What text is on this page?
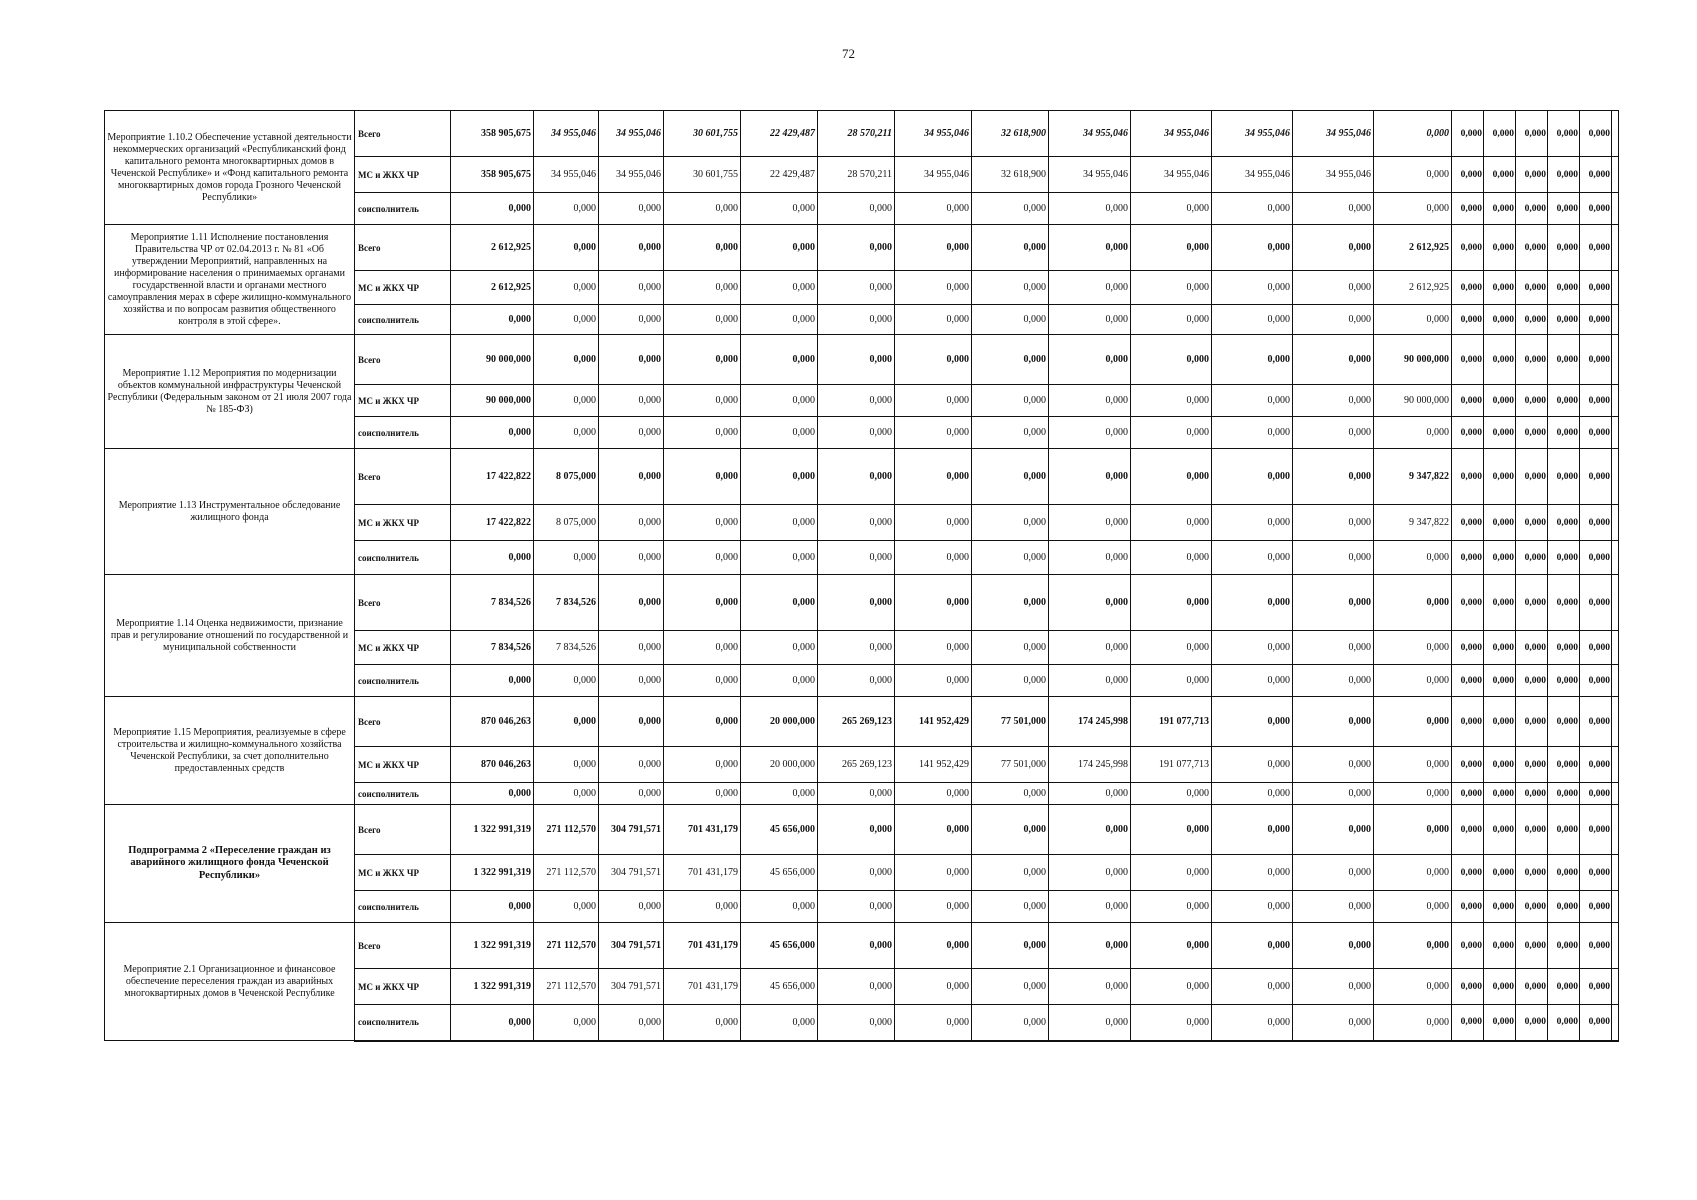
72
Мероприятие 1.10.2 Обеспечение уставной деятельности некоммерческих организаций «Республиканский фонд капитального ремонта многоквартирных домов в Чеченской Республике» и «Фонд капитального ремонта многоквартирных домов города Грозного Чеченской Республики»	Всего	358 905,675	34 955,046	34 955,046	30 601,755	22 429,487	28 570,211	34 955,046	32 618,900	34 955,046	34 955,046	34 955,046	34 955,046	0,000	0,000	0,000	0,000	0,000	0,000	
	МС и ЖКХ ЧР	358 905,675	34 955,046	34 955,046	30 601,755	22 429,487	28 570,211	34 955,046	32 618,900	34 955,046	34 955,046	34 955,046	34 955,046	0,000	0,000	0,000	0,000	0,000	0,000	
	соисполнитель	0,000	0,000	0,000	0,000	0,000	0,000	0,000	0,000	0,000	0,000	0,000	0,000	0,000	0,000	0,000	0,000	0,000	0,000	
Мероприятие 1.11 Исполнение постановления Правительства ЧР от 02.04.2013 г. № 81 «Об утверждении Мероприятий, направленных на информирование населения о принимаемых органами государственной власти и органами местного самоуправления мерах в сфере жилищно-коммунального хозяйства и по вопросам развития общественного контроля в этой сфере».	Всего	2 612,925	0,000	0,000	0,000	0,000	0,000	0,000	0,000	0,000	0,000	0,000	0,000	2 612,925	0,000	0,000	0,000	0,000	0,000	
	МС и ЖКХ ЧР	2 612,925	0,000	0,000	0,000	0,000	0,000	0,000	0,000	0,000	0,000	0,000	0,000	2 612,925	0,000	0,000	0,000	0,000	0,000	
	соисполнитель	0,000	0,000	0,000	0,000	0,000	0,000	0,000	0,000	0,000	0,000	0,000	0,000	0,000	0,000	0,000	0,000	0,000	0,000	
Мероприятие 1.12 Мероприятия по модернизации объектов коммунальной инфраструктуры Чеченской Республики (Федеральным законом от 21 июля 2007 года № 185-ФЗ)	Всего	90 000,000	0,000	0,000	0,000	0,000	0,000	0,000	0,000	0,000	0,000	0,000	0,000	90 000,000	0,000	0,000	0,000	0,000	0,000	
	МС и ЖКХ ЧР	90 000,000	0,000	0,000	0,000	0,000	0,000	0,000	0,000	0,000	0,000	0,000	0,000	90 000,000	0,000	0,000	0,000	0,000	0,000	
	соисполнитель	0,000	0,000	0,000	0,000	0,000	0,000	0,000	0,000	0,000	0,000	0,000	0,000	0,000	0,000	0,000	0,000	0,000	0,000	
Мероприятие 1.13 Инструментальное обследование жилищного фонда	Всего	17 422,822	8 075,000	0,000	0,000	0,000	0,000	0,000	0,000	0,000	0,000	0,000	0,000	9 347,822	0,000	0,000	0,000	0,000	0,000	
	МС и ЖКХ ЧР	17 422,822	8 075,000	0,000	0,000	0,000	0,000	0,000	0,000	0,000	0,000	0,000	0,000	9 347,822	0,000	0,000	0,000	0,000	0,000	
	соисполнитель	0,000	0,000	0,000	0,000	0,000	0,000	0,000	0,000	0,000	0,000	0,000	0,000	0,000	0,000	0,000	0,000	0,000	0,000	
Мероприятие 1.14 Оценка недвижимости, признание прав и регулирование отношений по государственной и муниципальной собственности	Всего	7 834,526	7 834,526	0,000	0,000	0,000	0,000	0,000	0,000	0,000	0,000	0,000	0,000	0,000	0,000	0,000	0,000	0,000	0,000	
	МС и ЖКХ ЧР	7 834,526	7 834,526	0,000	0,000	0,000	0,000	0,000	0,000	0,000	0,000	0,000	0,000	0,000	0,000	0,000	0,000	0,000	0,000	
	соисполнитель	0,000	0,000	0,000	0,000	0,000	0,000	0,000	0,000	0,000	0,000	0,000	0,000	0,000	0,000	0,000	0,000	0,000	0,000	
Мероприятие 1.15 Мероприятия, реализуемые в сфере строительства и жилищно-коммунального хозяйства Чеченской Республики, за счет дополнительно предоставленных средств	Всего	870 046,263	0,000	0,000	0,000	20 000,000	265 269,123	141 952,429	77 501,000	174 245,998	191 077,713	0,000	0,000	0,000	0,000	0,000	0,000	0,000	0,000	
	МС и ЖКХ ЧР	870 046,263	0,000	0,000	0,000	20 000,000	265 269,123	141 952,429	77 501,000	174 245,998	191 077,713	0,000	0,000	0,000	0,000	0,000	0,000	0,000	0,000	
	соисполнитель	0,000	0,000	0,000	0,000	0,000	0,000	0,000	0,000	0,000	0,000	0,000	0,000	0,000	0,000	0,000	0,000	0,000	0,000	
Подпрограмма 2 «Переселение граждан из аварийного жилищного фонда Чеченской Республики»	Всего	1 322 991,319	271 112,570	304 791,571	701 431,179	45 656,000	0,000	0,000	0,000	0,000	0,000	0,000	0,000	0,000	0,000	0,000	0,000	0,000	0,000	
	МС и ЖКХ ЧР	1 322 991,319	271 112,570	304 791,571	701 431,179	45 656,000	0,000	0,000	0,000	0,000	0,000	0,000	0,000	0,000	0,000	0,000	0,000	0,000	0,000	
	соисполнитель	0,000	0,000	0,000	0,000	0,000	0,000	0,000	0,000	0,000	0,000	0,000	0,000	0,000	0,000	0,000	0,000	0,000	0,000	
Мероприятие 2.1 Организационное и финансовое обеспечение переселения граждан из аварийных многоквартирных домов в Чеченской Республике	Всего	1 322 991,319	271 112,570	304 791,571	701 431,179	45 656,000	0,000	0,000	0,000	0,000	0,000	0,000	0,000	0,000	0,000	0,000	0,000	0,000	0,000	
	МС и ЖКХ ЧР	1 322 991,319	271 112,570	304 791,571	701 431,179	45 656,000	0,000	0,000	0,000	0,000	0,000	0,000	0,000	0,000	0,000	0,000	0,000	0,000	0,000	
	соисполнитель	0,000	0,000	0,000	0,000	0,000	0,000	0,000	0,000	0,000	0,000	0,000	0,000	0,000	0,000	0,000	0,000	0,000	0,000	
